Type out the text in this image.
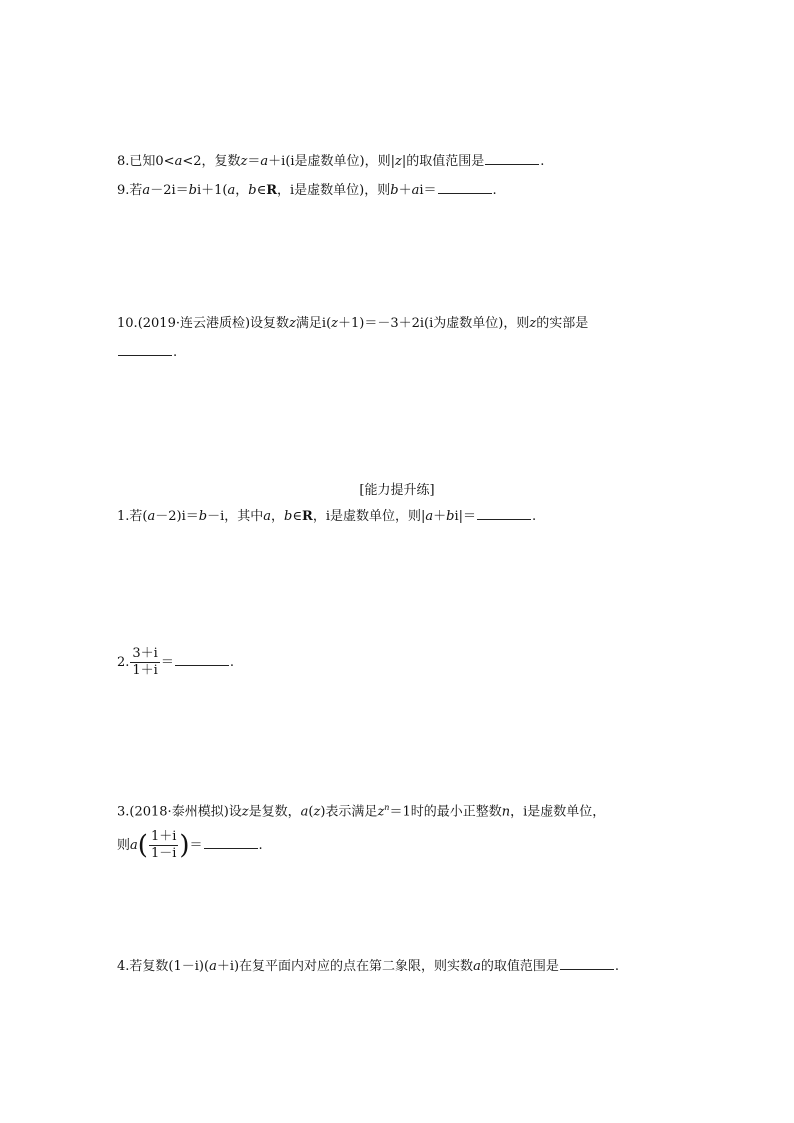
8.已知0<a<2，复数z＝a＋i(i是虚数单位)，则|z|的取值范围是	.
9.若a－2i＝bi＋1(a，b∈R，i是虚数单位)，则b＋ai＝	.
10.(2019·连云港质检)设复数z满足i(z＋1)＝－3＋2i(i为虚数单位)，则z的实部是
.
[能力提升练]
1.若(a－2)i＝b－i，其中a，b∈R，i是虚数单位，则|a＋bi|＝	.
2. $\frac{3+i}{1+i}$ ＝	.
3.(2018·泰州模拟)设z是复数，a(z)表示满足$z^n=1$时的最小正整数n，i是虚数单位，
则$a( \frac{1+i}{1-i}$ )＝	.
4.若复数(1－i)(a＋i)在复平面内对应的点在第二象限，则实数a的取值范围是	.
